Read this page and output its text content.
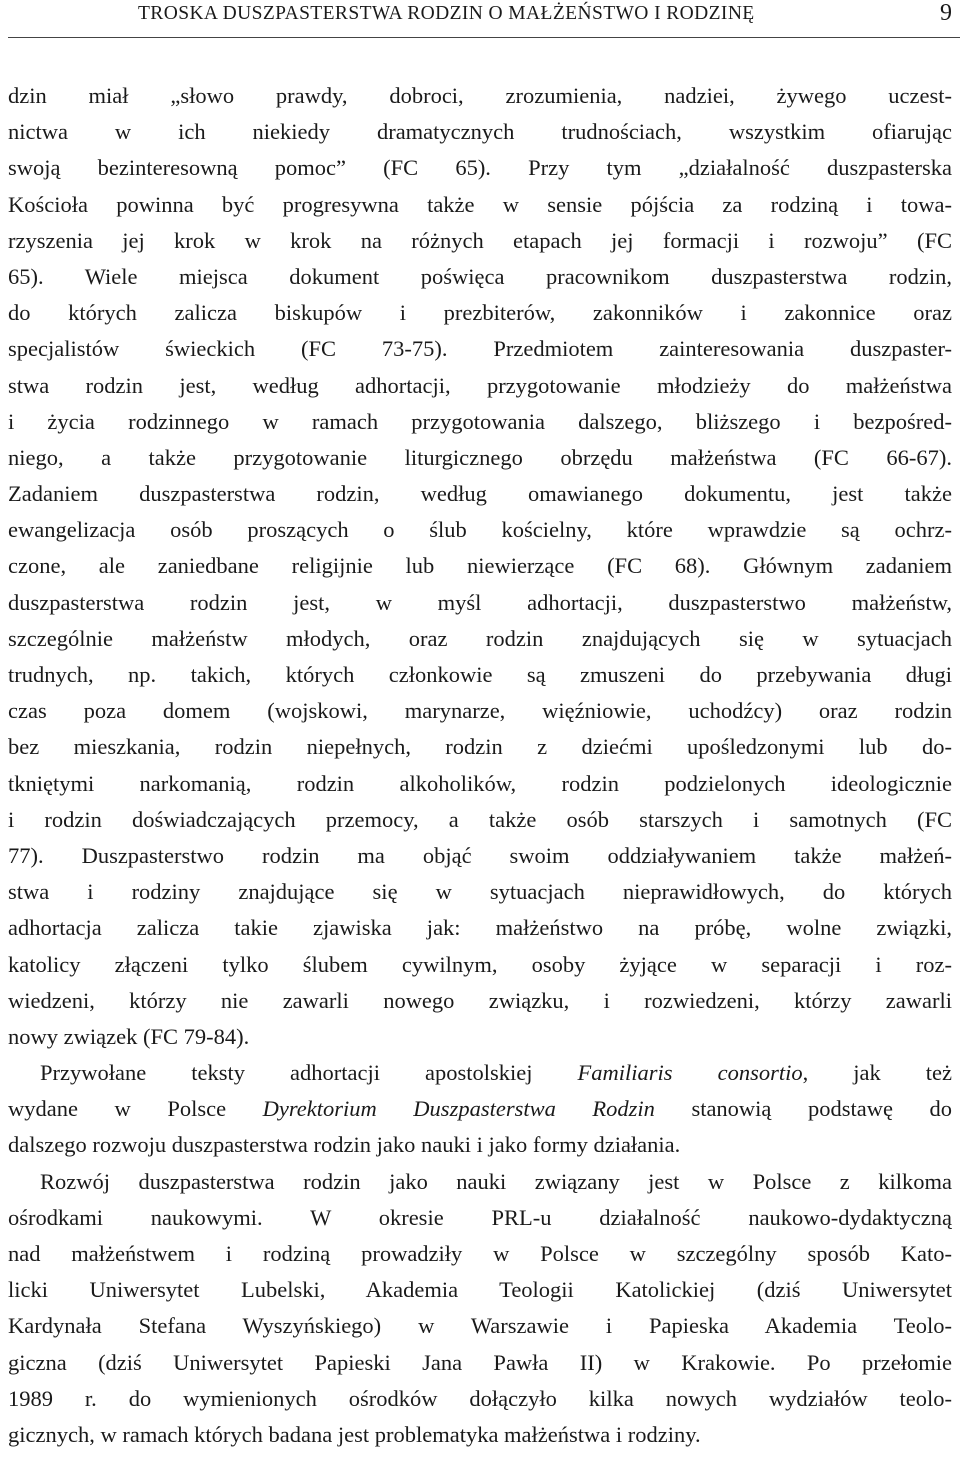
TROSKA DUSZPASTERSTWA RODZIN O MAŁŻEŃSTWO I RODZINĘ	9
dzin miał „słowo prawdy, dobroci, zrozumienia, nadziei, żywego uczest-
nictwa w ich niekiedy dramatycznych trudnościach, wszystkim ofiarując
swoją bezinteresowną pomoc” (FC 65). Przy tym „działalność duszpasterska
Kościoła powinna być progresywna także w sensie pójścia za rodziną i towa-
rzyszenia jej krok w krok na różnych etapach jej formacji i rozwoju” (FC
65). Wiele miejsca dokument poświęca pracownikom duszpasterstwa rodzin,
do których zalicza biskupów i prezbiterów, zakonników i zakonnice oraz
specjalistów świeckich (FC 73-75). Przedmiotem zainteresowania duszpaster-
stwa rodzin jest, według adhortacji, przygotowanie młodzieży do małżeństwa
i życia rodzinnego w ramach przygotowania dalszego, bliższego i bezpośred-
niego, a także przygotowanie liturgicznego obrzędu małżeństwa (FC 66-67).
Zadaniem duszpasterstwa rodzin, według omawianego dokumentu, jest także
ewangelizacja osób proszących o ślub kościelny, które wprawdzie są ochrz-
czone, ale zaniedbane religijnie lub niewierzące (FC 68). Głównym zadaniem
duszpasterstwa rodzin jest, w myśl adhortacji, duszpasterstwo małżeństw,
szczególnie małżeństw młodych, oraz rodzin znajdujących się w sytuacjach
trudnych, np. takich, których członkowie są zmuszeni do przebywania długi
czas poza domem (wojskowi, marynarze, więźniowie, uchodźcy) oraz rodzin
bez mieszkania, rodzin niepełnych, rodzin z dziećmi upośledzonymi lub do-
tkniętymi narkomanią, rodzin alkoholików, rodzin podzielonych ideologicznie
i rodzin doświadczających przemocy, a także osób starszych i samotnych (FC
77). Duszpasterstwo rodzin ma objąć swoim oddziaływaniem także małżeń-
stwa i rodziny znajdujące się w sytuacjach nieprawidłowych, do których
adhortacja zalicza takie zjawiska jak: małżeństwo na próbę, wolne związki,
katolicy złączeni tylko ślubem cywilnym, osoby żyjące w separacji i roz-
wiedzeni, którzy nie zawarli nowego związku, i rozwiedzeni, którzy zawarli
nowy związek (FC 79-84).
Przywołane teksty adhortacji apostolskiej Familiaris consortio, jak też
wydane w Polsce Dyrektorium Duszpasterstwa Rodzin stanowią podstawę do
dalszego rozwoju duszpasterstwa rodzin jako nauki i jako formy działania.
Rozwój duszpasterstwa rodzin jako nauki związany jest w Polsce z kilkoma
ośrodkami naukowymi. W okresie PRL-u działalność naukowo-dydaktyczną
nad małżeństwem i rodziną prowadziły w Polsce w szczególny sposób Kato-
licki Uniwersytet Lubelski, Akademia Teologii Katolickiej (dziś Uniwersytet
Kardynała Stefana Wyszyńskiego) w Warszawie i Papieska Akademia Teolo-
giczna (dziś Uniwersytet Papieski Jana Pawła II) w Krakowie. Po przełomie
1989 r. do wymienionych ośrodków dołączyło kilka nowych wydziałów teolo-
gicznych, w ramach których badana jest problematyka małżeństwa i rodziny.
